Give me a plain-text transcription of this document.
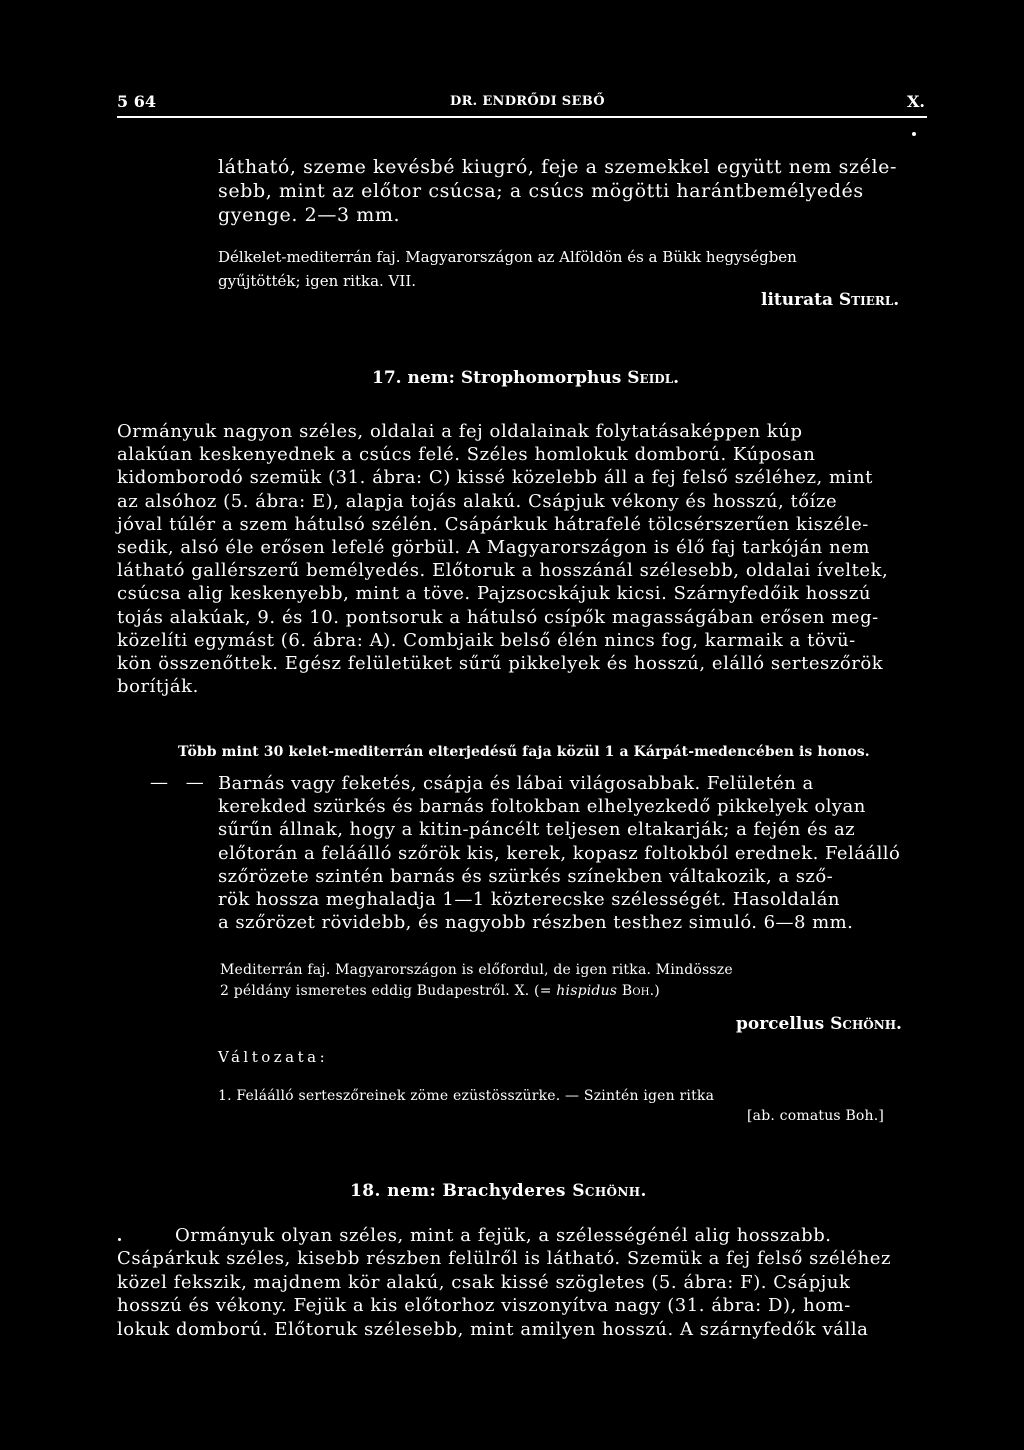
5 64	DR. ENDRŐDI SEBŐ	X.
látható, szeme kevésbé kiugró, feje a szemekkel együtt nem széle-
sebb, mint az előtor csúcsa; a csúcs mögötti harántbemélyedés
gyenge. 2—3 mm.
Délkelet-mediterrán faj. Magyarországon az Alföldön és a Bükk hegységben
gyűjtötték; igen ritka. VII.
liturata Stierl.
17. nem: Strophomorphus Seidl.
Ormányuk nagyon széles, oldalai a fej oldalainak folytatásaképpen kúp
alakúan keskenyednek a csúcs felé. Széles homlokuk domború. Kúposan
kidomborodó szemük (31. ábra: C) kissé közelebb áll a fej felső széléhez, mint
az alsóhoz (5. ábra: E), alapja tojás alakú. Csápjuk vékony és hosszú, tőíze
jóval túlér a szem hátulsó szélén. Csápárkuk hátrafelé tölcsérszerűen kiszéle-
sedik, alsó éle erősen lefelé görbül. A Magyarországon is élő faj tarkóján nem
látható gallérszerű bemélyedés. Előtoruk a hosszánál szélesebb, oldalai íveltek,
csúcsa alig keskenyebb, mint a töve. Pajzsocskájuk kicsi. Szárnyfedőik hosszú
tojás alakúak, 9. és 10. pontsoruk a hátulsó csípők magasságában erősen meg-
közelíti egymást (6. ábra: A). Combjaik belső élén nincs fog, karmaik a tövü-
kön összenőttek. Egész felületüket sűrű pikkelyek és hosszú, elálló serteszőrök
borítják.
Több mint 30 kelet-mediterrán elterjedésű faja közül 1 a Kárpát-medencében is honos.
— — Barnás vagy feketés, csápja és lábai világosabbak. Felületén a
kerekded szürkés és barnás foltokban elhelyezkedő pikkelyek olyan
sűrűn állnak, hogy a kitin-páncélt teljesen eltakarják; a fején és az
előtorán a feláálló szőrök kis, kerek, kopasz foltokból erednek. Feláálló
szőrözete szintén barnás és szürkés színekben váltakozik, a sző-
rök hossza meghaladja 1—1 közterecske szélességét. Hasoldalán
a szőrözet rövidebb, és nagyobb részben testhez simuló. 6—8 mm.
Mediterrán faj. Magyarországon is előfordul, de igen ritka. Mindössze
2 példány ismeretes eddig Budapestről. X. (= hispidus Boh.)
porcellus Schönh.
Változata:
1. Feláálló serteszőreinek zöme ezüstösszürke. — Szintén igen ritka
[ab. comatus Boh.]
18. nem: Brachyderes Schönh.
Ormányuk olyan széles, mint a fejük, a szélességénél alig hosszabb.
Csápárkuk széles, kisebb részben felülről is látható. Szemük a fej felső széléhez
közel fekszik, majdnem kör alakú, csak kissé szögletes (5. ábra: F). Csápjuk
hosszú és vékony. Fejük a kis előtorhoz viszonyítva nagy (31. ábra: D), hom-
lokuk domború. Előtoruk szélesebb, mint amilyen hosszú. A szárnyfedők válla
